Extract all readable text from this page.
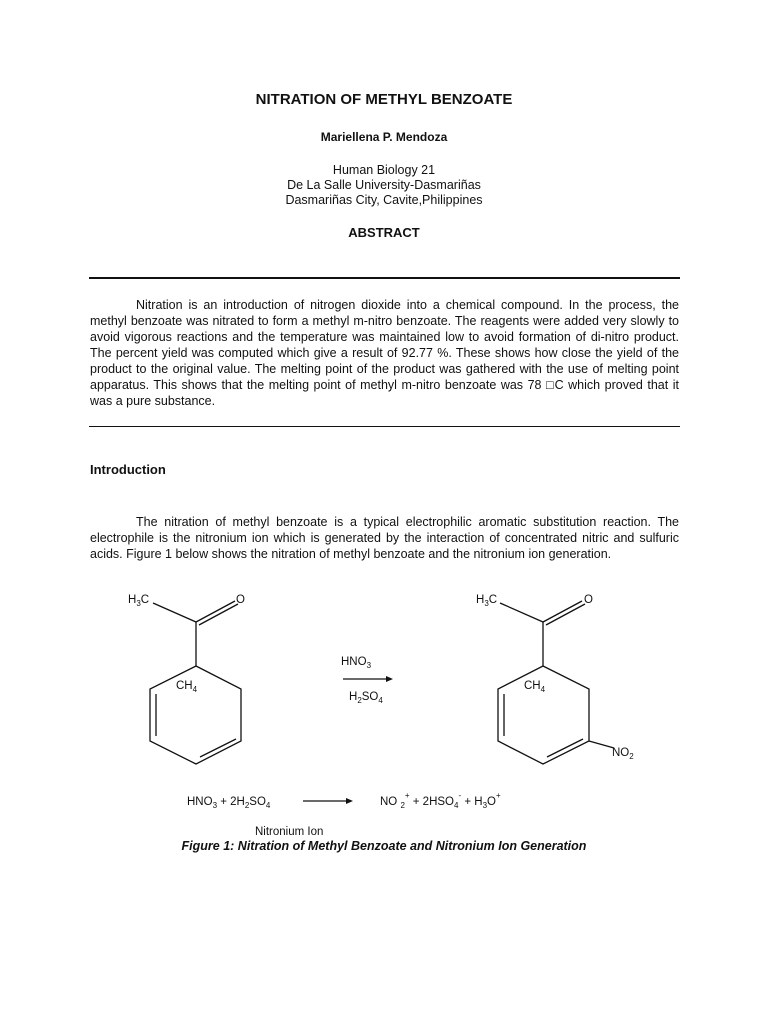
NITRATION OF METHYL BENZOATE
Mariellena P. Mendoza
Human Biology 21
De La Salle University-Dasmariñas
Dasmariñas City, Cavite,Philippines
ABSTRACT

Nitration is an introduction of nitrogen dioxide into a chemical compound. In the process, the methyl benzoate was nitrated to form a methyl m-nitro benzoate. The reagents were added very slowly to avoid vigorous reactions and the temperature was maintained low to avoid formation of di-nitro product. The percent yield was computed which give a result of 92.77 %. These shows how close the yield of the product to the original value. The melting point of the product was gathered with the use of melting point apparatus. This shows that the melting point of methyl m-nitro benzoate was 78 □C which proved that it was a pure substance.

Introduction

The nitration of methyl benzoate is a typical electrophilic aromatic substitution reaction. The electrophile is the nitronium ion which is generated by the interaction of concentrated nitric and sulfuric acids. Figure 1 below shows the nitration of methyl benzoate and the nitronium ion generation.

$H_3C$	O
$CH_4$
$HNO_3$
$H_2SO_4$
$H_3C$	O
$CH_4$
$NO_2$
$HNO_3 + 2H_2SO_4$	NO $_2^+ + 2HSO_4^- + H_3O^+$
Nitronium Ion
Figure 1: Nitration of Methyl Benzoate and Nitronium Ion Generation
